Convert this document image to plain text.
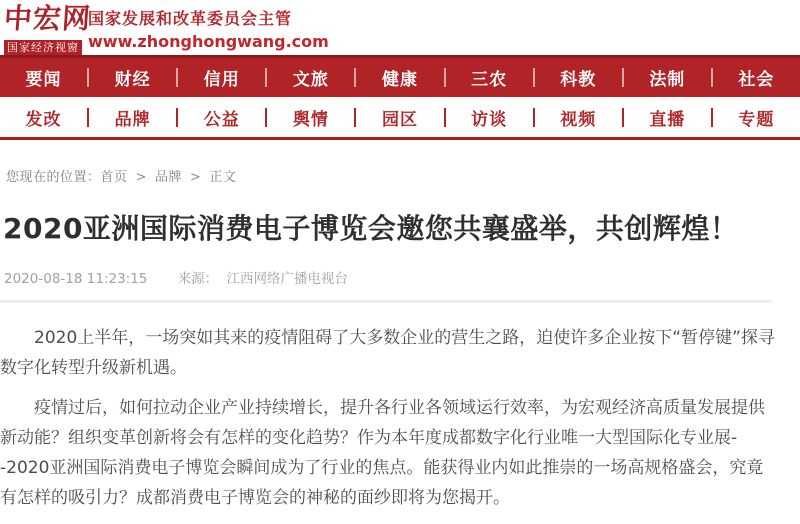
中宏网
国家经济视窗
国家发展和改革委员会主管
www.zhonghongwang.com
要闻	财经	信用	文旅	健康	三农	科教	法制	社会
发改	品牌	公益	舆情	园区	访谈	视频	直播	专题
您现在的位置：首页 > 品牌 > 正文
2020亚洲国际消费电子博览会邀您共襄盛举，共创辉煌！
2020-08-18 11:23:15 来源： 江西网络广播电视台

2020上半年，一场突如其来的疫情阻碍了大多数企业的营生之路，迫使许多企业按下“暂停键”探寻数字化转型升级新机遇。

疫情过后，如何拉动企业产业持续增长，提升各行业各领域运行效率，为宏观经济高质量发展提供新动能？组织变革创新将会有怎样的变化趋势？作为本年度成都数字化行业唯一大型国际化专业展--2020亚洲国际消费电子博览会瞬间成为了行业的焦点。能获得业内如此推崇的一场高规格盛会，究竟有怎样的吸引力？成都消费电子博览会的神秘的面纱即将为您揭开。
